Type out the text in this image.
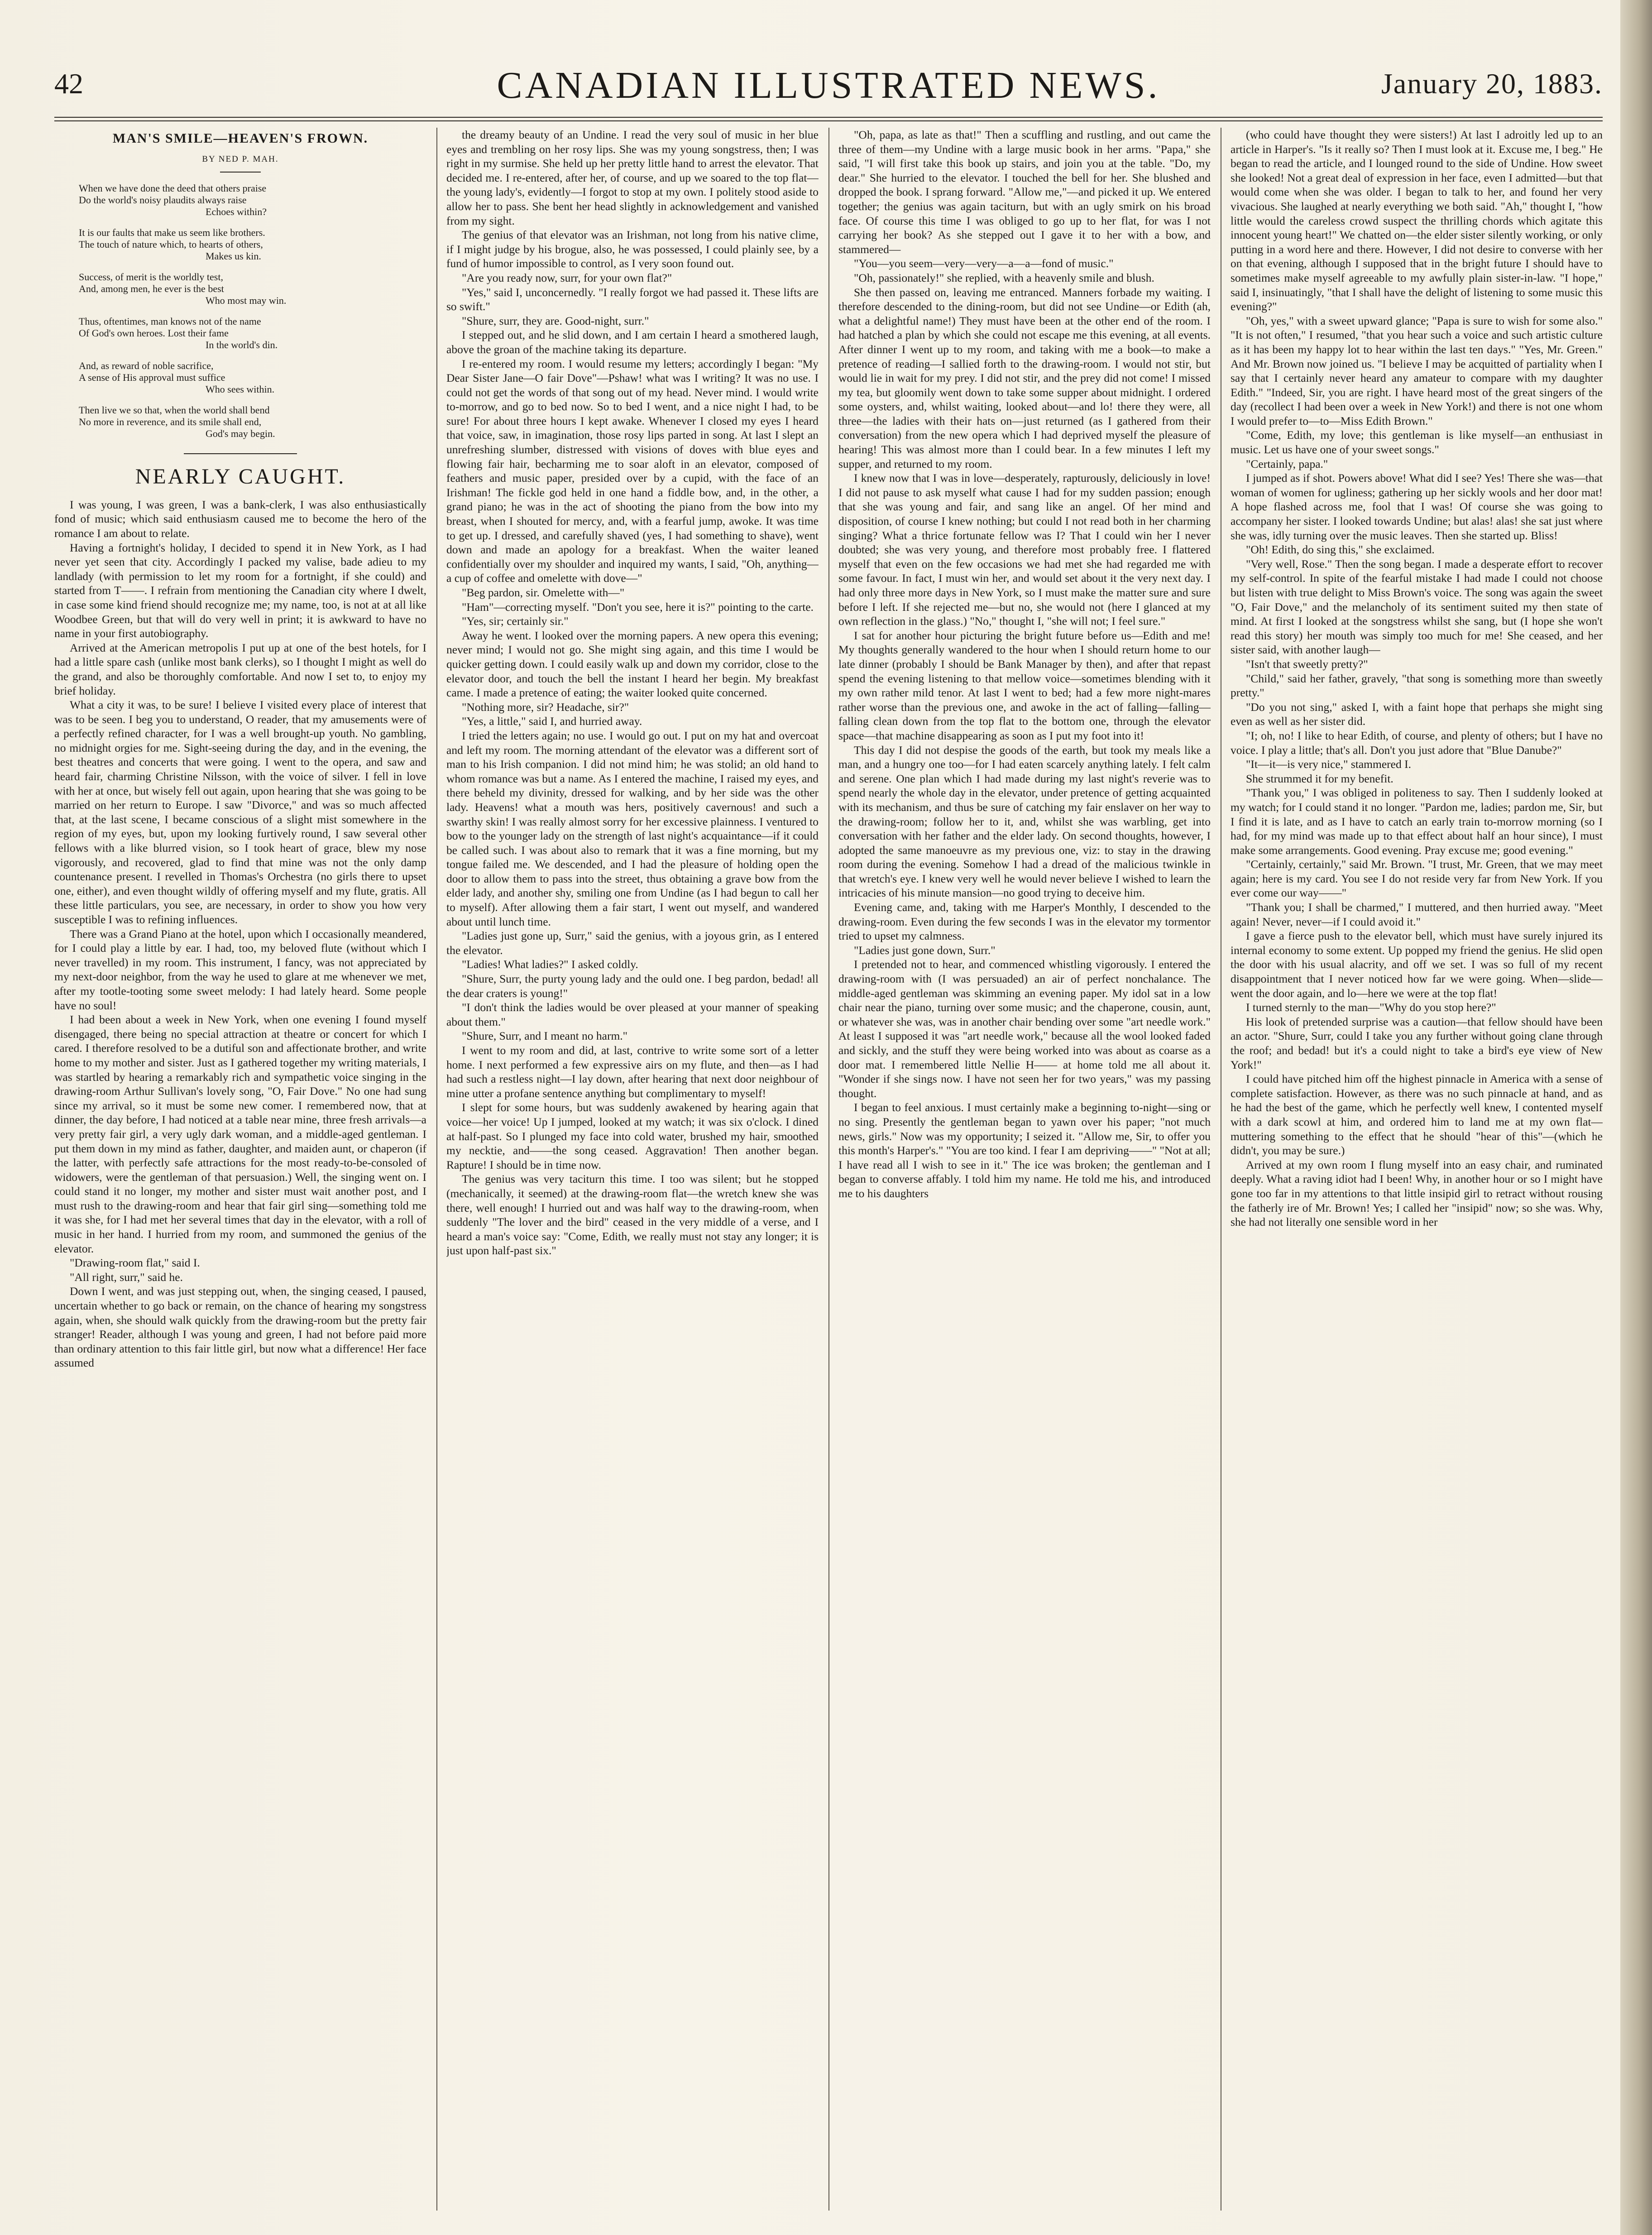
42	CANADIAN ILLUSTRATED NEWS.	January 20, 1883.
MAN'S SMILE—HEAVEN'S FROWN.
BY NED P. MAH.
When we have done the deed that others praise
Do the world's noisy plaudits always raise
Echoes within?
It is our faults that make us seem like brothers.
The touch of nature which, to hearts of others,
Makes us kin.
Success, of merit is the worldly test,
And, among men, he ever is the best
Who most may win.
Thus, oftentimes, man knows not of the name
Of God's own heroes. Lost their fame
In the world's din.
And, as reward of noble sacrifice,
A sense of His approval must suffice
Who sees within.
Then live we so that, when the world shall bend
No more in reverence, and its smile shall end,
God's may begin.
NEARLY CAUGHT.

I was young, I was green, I was a bank-clerk, I was also enthusiastically fond of music; which said enthusiasm caused me to become the hero of the romance I am about to relate.

Having a fortnight's holiday, I decided to spend it in New York, as I had never yet seen that city. Accordingly I packed my valise, bade adieu to my landlady (with permission to let my room for a fortnight, if she could) and started from T——. I refrain from mentioning the Canadian city where I dwelt, in case some kind friend should recognize me; my name, too, is not at at all like Woodbee Green, but that will do very well in print; it is awkward to have no name in your first autobiography.

Arrived at the American metropolis I put up at one of the best hotels, for I had a little spare cash (unlike most bank clerks), so I thought I might as well do the grand, and also be thoroughly comfortable. And now I set to, to enjoy my brief holiday.

What a city it was, to be sure! I believe I visited every place of interest that was to be seen. I beg you to understand, O reader, that my amusements were of a perfectly refined character, for I was a well brought-up youth. No gambling, no midnight orgies for me. Sight-seeing during the day, and in the evening, the best theatres and concerts that were going. I went to the opera, and saw and heard fair, charming Christine Nilsson, with the voice of silver. I fell in love with her at once, but wisely fell out again, upon hearing that she was going to be married on her return to Europe. I saw "Divorce," and was so much affected that, at the last scene, I became conscious of a slight mist somewhere in the region of my eyes, but, upon my looking furtively round, I saw several other fellows with a like blurred vision, so I took heart of grace, blew my nose vigorously, and recovered, glad to find that mine was not the only damp countenance present. I revelled in Thomas's Orchestra (no girls there to upset one, either), and even thought wildly of offering myself and my flute, gratis. All these little particulars, you see, are necessary, in order to show you how very susceptible I was to refining influences.

There was a Grand Piano at the hotel, upon which I occasionally meandered, for I could play a little by ear. I had, too, my beloved flute (without which I never travelled) in my room. This instrument, I fancy, was not appreciated by my next-door neighbor, from the way he used to glare at me whenever we met, after my tootle-tooting some sweet melody: I had lately heard. Some people have no soul!

I had been about a week in New York, when one evening I found myself disengaged, there being no special attraction at theatre or concert for which I cared. I therefore resolved to be a dutiful son and affectionate brother, and write home to my mother and sister. Just as I gathered together my writing materials, I was startled by hearing a remarkably rich and sympathetic voice singing in the drawing-room Arthur Sullivan's lovely song, "O, Fair Dove." No one had sung since my arrival, so it must be some new comer. I remembered now, that at dinner, the day before, I had noticed at a table near mine, three fresh arrivals—a very pretty fair girl, a very ugly dark woman, and a middle-aged gentleman. I put them down in my mind as father, daughter, and maiden aunt, or chaperon (if the latter, with perfectly safe attractions for the most ready-to-be-consoled of widowers, were the gentleman of that persuasion.) Well, the singing went on. I could stand it no longer, my mother and sister must wait another post, and I must rush to the drawing-room and hear that fair girl sing—something told me it was she, for I had met her several times that day in the elevator, with a roll of music in her hand. I hurried from my room, and summoned the genius of the elevator.

"Drawing-room flat," said I.

"All right, surr," said he.

Down I went, and was just stepping out, when, the singing ceased, I paused, uncertain whether to go back or remain, on the chance of hearing my songstress again, when, she should walk quickly from the drawing-room but the pretty fair stranger! Reader, although I was young and green, I had not before paid more than ordinary attention to this fair little girl, but now what a difference! Her face assumed

the dreamy beauty of an Undine. I read the very soul of music in her blue eyes and trembling on her rosy lips. She was my young songstress, then; I was right in my surmise. She held up her pretty little hand to arrest the elevator. That decided me. I re-entered, after her, of course, and up we soared to the top flat—the young lady's, evidently—I forgot to stop at my own. I politely stood aside to allow her to pass. She bent her head slightly in acknowledgement and vanished from my sight.

The genius of that elevator was an Irishman, not long from his native clime, if I might judge by his brogue, also, he was possessed, I could plainly see, by a fund of humor impossible to control, as I very soon found out.

"Are you ready now, surr, for your own flat?"

"Yes," said I, unconcernedly. "I really forgot we had passed it. These lifts are so swift."

"Shure, surr, they are. Good-night, surr."

I stepped out, and he slid down, and I am certain I heard a smothered laugh, above the groan of the machine taking its departure.

I re-entered my room. I would resume my letters; accordingly I began: "My Dear Sister Jane—O fair Dove"—Pshaw! what was I writing? It was no use. I could not get the words of that song out of my head. Never mind. I would write to-morrow, and go to bed now. So to bed I went, and a nice night I had, to be sure! For about three hours I kept awake. Whenever I closed my eyes I heard that voice, saw, in imagination, those rosy lips parted in song. At last I slept an unrefreshing slumber, distressed with visions of doves with blue eyes and flowing fair hair, becharming me to soar aloft in an elevator, composed of feathers and music paper, presided over by a cupid, with the face of an Irishman! The fickle god held in one hand a fiddle bow, and, in the other, a grand piano; he was in the act of shooting the piano from the bow into my breast, when I shouted for mercy, and, with a fearful jump, awoke. It was time to get up. I dressed, and carefully shaved (yes, I had something to shave), went down and made an apology for a breakfast. When the waiter leaned confidentially over my shoulder and inquired my wants, I said, "Oh, anything—a cup of coffee and omelette with dove—"

"Beg pardon, sir. Omelette with—"

"Ham"—correcting myself. "Don't you see, here it is?" pointing to the carte.

"Yes, sir; certainly sir."

Away he went. I looked over the morning papers. A new opera this evening; never mind; I would not go. She might sing again, and this time I would be quicker getting down. I could easily walk up and down my corridor, close to the elevator door, and touch the bell the instant I heard her begin. My breakfast came. I made a pretence of eating; the waiter looked quite concerned.

"Nothing more, sir? Headache, sir?"

"Yes, a little," said I, and hurried away.

I tried the letters again; no use. I would go out. I put on my hat and overcoat and left my room. The morning attendant of the elevator was a different sort of man to his Irish companion. I did not mind him; he was stolid; an old hand to whom romance was but a name. As I entered the machine, I raised my eyes, and there beheld my divinity, dressed for walking, and by her side was the other lady. Heavens! what a mouth was hers, positively cavernous! and such a swarthy skin! I was really almost sorry for her excessive plainness. I ventured to bow to the younger lady on the strength of last night's acquaintance—if it could be called such. I was about also to remark that it was a fine morning, but my tongue failed me. We descended, and I had the pleasure of holding open the door to allow them to pass into the street, thus obtaining a grave bow from the elder lady, and another shy, smiling one from Undine (as I had begun to call her to myself). After allowing them a fair start, I went out myself, and wandered about until lunch time.

"Ladies just gone up, Surr," said the genius, with a joyous grin, as I entered the elevator.

"Ladies! What ladies?" I asked coldly.

"Shure, Surr, the purty young lady and the ould one. I beg pardon, bedad! all the dear craters is young!"

"I don't think the ladies would be over pleased at your manner of speaking about them."

"Shure, Surr, and I meant no harm."

I went to my room and did, at last, contrive to write some sort of a letter home. I next performed a few expressive airs on my flute, and then—as I had had such a restless night—I lay down, after hearing that next door neighbour of mine utter a profane sentence anything but complimentary to myself!

I slept for some hours, but was suddenly awakened by hearing again that voice—her voice! Up I jumped, looked at my watch; it was six o'clock. I dined at half-past. So I plunged my face into cold water, brushed my hair, smoothed my necktie, and——the song ceased. Aggravation! Then another began. Rapture! I should be in time now.

The genius was very taciturn this time. I too was silent; but he stopped (mechanically, it seemed) at the drawing-room flat—the wretch knew she was there, well enough! I hurried out and was half way to the drawing-room, when suddenly "The lover and the bird" ceased in the very middle of a verse, and I heard a man's voice say: "Come, Edith, we really must not stay any longer; it is just upon half-past six."

"Oh, papa, as late as that!" Then a scuffling and rustling, and out came the three of them—my Undine with a large music book in her arms. "Papa," she said, "I will first take this book up stairs, and join you at the table. "Do, my dear." She hurried to the elevator. I touched the bell for her. She blushed and dropped the book. I sprang forward. "Allow me,"—and picked it up. We entered together; the genius was again taciturn, but with an ugly smirk on his broad face. Of course this time I was obliged to go up to her flat, for was I not carrying her book? As she stepped out I gave it to her with a bow, and stammered—

"You—you seem—very—very—a—a—fond of music."

"Oh, passionately!" she replied, with a heavenly smile and blush.

She then passed on, leaving me entranced. Manners forbade my waiting. I therefore descended to the dining-room, but did not see Undine—or Edith (ah, what a delightful name!) They must have been at the other end of the room. I had hatched a plan by which she could not escape me this evening, at all events. After dinner I went up to my room, and taking with me a book—to make a pretence of reading—I sallied forth to the drawing-room. I would not stir, but would lie in wait for my prey. I did not stir, and the prey did not come! I missed my tea, but gloomily went down to take some supper about midnight. I ordered some oysters, and, whilst waiting, looked about—and lo! there they were, all three—the ladies with their hats on—just returned (as I gathered from their conversation) from the new opera which I had deprived myself the pleasure of hearing! This was almost more than I could bear. In a few minutes I left my supper, and returned to my room.

I knew now that I was in love—desperately, rapturously, deliciously in love! I did not pause to ask myself what cause I had for my sudden passion; enough that she was young and fair, and sang like an angel. Of her mind and disposition, of course I knew nothing; but could I not read both in her charming singing? What a thrice fortunate fellow was I? That I could win her I never doubted; she was very young, and therefore most probably free. I flattered myself that even on the few occasions we had met she had regarded me with some favour. In fact, I must win her, and would set about it the very next day. I had only three more days in New York, so I must make the matter sure and sure before I left. If she rejected me—but no, she would not (here I glanced at my own reflection in the glass.) "No," thought I, "she will not; I feel sure."

I sat for another hour picturing the bright future before us—Edith and me! My thoughts generally wandered to the hour when I should return home to our late dinner (probably I should be Bank Manager by then), and after that repast spend the evening listening to that mellow voice—sometimes blending with it my own rather mild tenor. At last I went to bed; had a few more night-mares rather worse than the previous one, and awoke in the act of falling—falling—falling clean down from the top flat to the bottom one, through the elevator space—that machine disappearing as soon as I put my foot into it!

This day I did not despise the goods of the earth, but took my meals like a man, and a hungry one too—for I had eaten scarcely anything lately. I felt calm and serene. One plan which I had made during my last night's reverie was to spend nearly the whole day in the elevator, under pretence of getting acquainted with its mechanism, and thus be sure of catching my fair enslaver on her way to the drawing-room; follow her to it, and, whilst she was warbling, get into conversation with her father and the elder lady. On second thoughts, however, I adopted the same manoeuvre as my previous one, viz: to stay in the drawing room during the evening. Somehow I had a dread of the malicious twinkle in that wretch's eye. I knew very well he would never believe I wished to learn the intricacies of his minute mansion—no good trying to deceive him.

Evening came, and, taking with me Harper's Monthly, I descended to the drawing-room. Even during the few seconds I was in the elevator my tormentor tried to upset my calmness.

"Ladies just gone down, Surr."

I pretended not to hear, and commenced whistling vigorously. I entered the drawing-room with (I was persuaded) an air of perfect nonchalance. The middle-aged gentleman was skimming an evening paper. My idol sat in a low chair near the piano, turning over some music; and the chaperone, cousin, aunt, or whatever she was, was in another chair bending over some "art needle work." At least I supposed it was "art needle work," because all the wool looked faded and sickly, and the stuff they were being worked into was about as coarse as a door mat. I remembered little Nellie H—— at home told me all about it. "Wonder if she sings now. I have not seen her for two years," was my passing thought.

I began to feel anxious. I must certainly make a beginning to-night—sing or no sing. Presently the gentleman began to yawn over his paper; "not much news, girls." Now was my opportunity; I seized it. "Allow me, Sir, to offer you this month's Harper's." "You are too kind. I fear I am depriving——" "Not at all; I have read all I wish to see in it." The ice was broken; the gentleman and I began to converse affably. I told him my name. He told me his, and introduced me to his daughters

(who could have thought they were sisters!) At last I adroitly led up to an article in Harper's. "Is it really so? Then I must look at it. Excuse me, I beg." He began to read the article, and I lounged round to the side of Undine. How sweet she looked! Not a great deal of expression in her face, even I admitted—but that would come when she was older. I began to talk to her, and found her very vivacious. She laughed at nearly everything we both said. "Ah," thought I, "how little would the careless crowd suspect the thrilling chords which agitate this innocent young heart!" We chatted on—the elder sister silently working, or only putting in a word here and there. However, I did not desire to converse with her on that evening, although I supposed that in the bright future I should have to sometimes make myself agreeable to my awfully plain sister-in-law. "I hope," said I, insinuatingly, "that I shall have the delight of listening to some music this evening?"

"Oh, yes," with a sweet upward glance; "Papa is sure to wish for some also." "It is not often," I resumed, "that you hear such a voice and such artistic culture as it has been my happy lot to hear within the last ten days." "Yes, Mr. Green." And Mr. Brown now joined us. "I believe I may be acquitted of partiality when I say that I certainly never heard any amateur to compare with my daughter Edith." "Indeed, Sir, you are right. I have heard most of the great singers of the day (recollect I had been over a week in New York!) and there is not one whom I would prefer to—to—Miss Edith Brown."

"Come, Edith, my love; this gentleman is like myself—an enthusiast in music. Let us have one of your sweet songs."

"Certainly, papa."

I jumped as if shot. Powers above! What did I see? Yes! There she was—that woman of women for ugliness; gathering up her sickly wools and her door mat! A hope flashed across me, fool that I was! Of course she was going to accompany her sister. I looked towards Undine; but alas! alas! she sat just where she was, idly turning over the music leaves. Then she started up. Bliss!

"Oh! Edith, do sing this," she exclaimed.

"Very well, Rose." Then the song began. I made a desperate effort to recover my self-control. In spite of the fearful mistake I had made I could not choose but listen with true delight to Miss Brown's voice. The song was again the sweet "O, Fair Dove," and the melancholy of its sentiment suited my then state of mind. At first I looked at the songstress whilst she sang, but (I hope she won't read this story) her mouth was simply too much for me! She ceased, and her sister said, with another laugh—

"Isn't that sweetly pretty?"

"Child," said her father, gravely, "that song is something more than sweetly pretty."

"Do you not sing," asked I, with a faint hope that perhaps she might sing even as well as her sister did.

"I; oh, no! I like to hear Edith, of course, and plenty of others; but I have no voice. I play a little; that's all. Don't you just adore that "Blue Danube?"

"It—it—is very nice," stammered I.

She strummed it for my benefit.

"Thank you," I was obliged in politeness to say. Then I suddenly looked at my watch; for I could stand it no longer. "Pardon me, ladies; pardon me, Sir, but I find it is late, and as I have to catch an early train to-morrow morning (so I had, for my mind was made up to that effect about half an hour since), I must make some arrangements. Good evening. Pray excuse me; good evening."

"Certainly, certainly," said Mr. Brown. "I trust, Mr. Green, that we may meet again; here is my card. You see I do not reside very far from New York. If you ever come our way——"

"Thank you; I shall be charmed," I muttered, and then hurried away. "Meet again! Never, never—if I could avoid it."

I gave a fierce push to the elevator bell, which must have surely injured its internal economy to some extent. Up popped my friend the genius. He slid open the door with his usual alacrity, and off we set. I was so full of my recent disappointment that I never noticed how far we were going. When—slide—went the door again, and lo—here we were at the top flat!

I turned sternly to the man—"Why do you stop here?"

His look of pretended surprise was a caution—that fellow should have been an actor. "Shure, Surr, could I take you any further without going clane through the roof; and bedad! but it's a could night to take a bird's eye view of New York!"

I could have pitched him off the highest pinnacle in America with a sense of complete satisfaction. However, as there was no such pinnacle at hand, and as he had the best of the game, which he perfectly well knew, I contented myself with a dark scowl at him, and ordered him to land me at my own flat—muttering something to the effect that he should "hear of this"—(which he didn't, you may be sure.)

Arrived at my own room I flung myself into an easy chair, and ruminated deeply. What a raving idiot had I been! Why, in another hour or so I might have gone too far in my attentions to that little insipid girl to retract without rousing the fatherly ire of Mr. Brown! Yes; I called her "insipid" now; so she was. Why, she had not literally one sensible word in her
